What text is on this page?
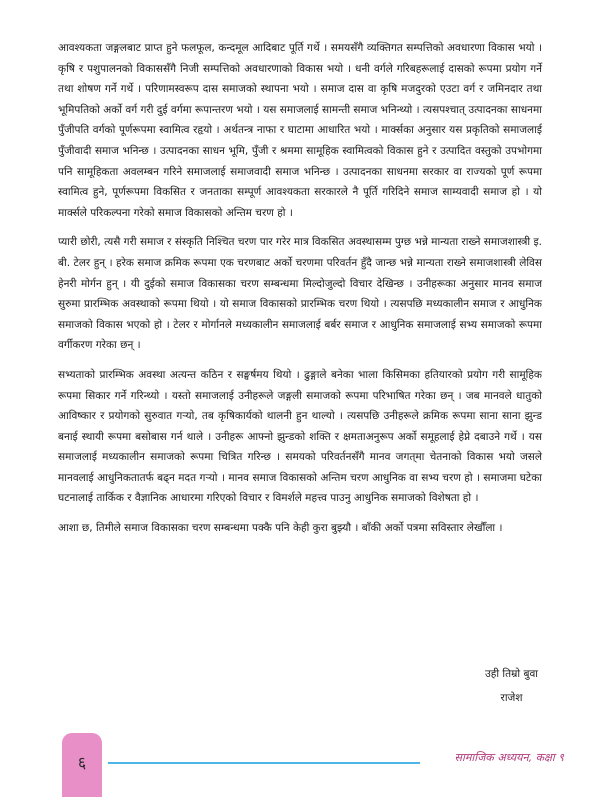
आवश्यकता जङ्गलबाट प्राप्त हुने फलफूल, कन्दमूल आदिबाट पूर्ति गर्थे । समयसँगै व्यक्तिगत सम्पत्तिको अवधारणा विकास भयो । कृषि र पशुपालनको विकाससँगै निजी सम्पत्तिको अवधारणाको विकास भयो । धनी वर्गले गरिबहरूलाई दासको रूपमा प्रयोग गर्ने तथा शोषण गर्ने गर्थे । परिणामस्वरूप दास समाजको स्थापना भयो । समाज दास वा कृषि मजदुरको एउटा वर्ग र जमिनदार तथा भूमिपतिको अर्को वर्ग गरी दुई वर्गमा रूपान्तरण भयो । यस समाजलाई सामन्ती समाज भनिन्थ्यो । त्यसपश्चात् उत्पादनका साधनमा पुँजीपति वर्गको पूर्णरूपमा स्वामित्व रहृयो । अर्थतन्त्र नाफा र घाटामा आधारित भयो । मार्क्सका अनुसार यस प्रकृतिको समाजलाई पुँजीवादी समाज भनिन्छ । उत्पादनका साधन भूमि, पुँजी र श्रममा सामूहिक स्वामित्वको विकास हुने र उत्पादित वस्तुको उपभोगमा पनि सामूहिकता अवलम्बन गरिने समाजलाई समाजवादी समाज भनिन्छ । उत्पादनका साधनमा सरकार वा राज्यको पूर्ण रूपमा स्वामित्व हुने, पूर्णरूपमा विकसित र जनताका सम्पूर्ण आवश्यकता सरकारले नै पूर्ति गरिदिने समाज साम्यवादी समाज हो । यो मार्क्सले परिकल्पना गरेको समाज विकासको अन्तिम चरण हो ।

प्यारी छोरी, त्यसै गरी समाज र संस्कृति निश्चित चरण पार गरेर मात्र विकसित अवस्थासम्म पुग्छ भन्ने मान्यता राख्ने समाजशास्त्री इ. बी. टेलर हुन् । हरेक समाज क्रमिक रूपमा एक चरणबाट अर्को चरणमा परिवर्तन हुँदै जान्छ भन्ने मान्यता राख्ने समाजशास्त्री लेविस हेनरी मोर्गन हुन् । यी दुईको समाज विकासका चरण सम्बन्धमा मिल्दोजुल्दो विचार देखिन्छ । उनीहरूका अनुसार मानव समाज सुरुमा प्रारम्भिक अवस्थाको रूपमा थियो । यो समाज विकासको प्रारम्भिक चरण थियो । त्यसपछि मध्यकालीन समाज र आधुनिक समाजको विकास भएको हो । टेलर र मोर्गानले मध्यकालीन समाजलाई बर्बर समाज र आधुनिक समाजलाई सभ्य समाजको रूपमा वर्गीकरण गरेका छन् ।

सभ्यताको प्रारम्भिक अवस्था अत्यन्त कठिन र सङ्घर्षमय थियो । ढुङ्गाले बनेका भाला किसिमका हतियारको प्रयोग गरी सामूहिक रूपमा सिकार गर्ने गरिन्थ्यो । यस्तो समाजलाई उनीहरूले जङ्गली समाजको रूपमा परिभाषित गरेका छन् । जब मानवले धातुको आविष्कार र प्रयोगको सुरुवात गऱ्यो, तब कृषिकार्यको थालनी हुन थाल्यो । त्यसपछि उनीहरूले क्रमिक रूपमा साना साना झुन्ड बनाई स्थायी रूपमा बसोबास गर्न थाले । उनीहरू आफ्नो झुन्डको शक्ति र क्षमताअनुरूप अर्को समूहलाई हेप्ने दबाउने गर्थे । यस समाजलाई मध्यकालीन समाजको रूपमा चित्रित गरिन्छ । समयको परिवर्तनसँगै मानव जगत्‌मा चेतनाको विकास भयो जसले मानवलाई आधुनिकतातर्फ बढ्न मदत गऱ्यो । मानव समाज विकासको अन्तिम चरण आधुनिक वा सभ्य चरण हो । समाजमा घटेका घटनालाई तार्किक र वैज्ञानिक आधारमा गरिएको विचार र विमर्शले महत्त्व पाउनु आधुनिक समाजको विशेषता हो ।

आशा छ, तिमीले समाज विकासका चरण सम्बन्धमा पक्कै पनि केही कुरा बुझ्यौ । बाँकी अर्को पत्रमा सविस्तार लेखौँला ।

उही तिम्रो बुवा
राजेश
६	सामाजिक अध्ययन, कक्षा ९
